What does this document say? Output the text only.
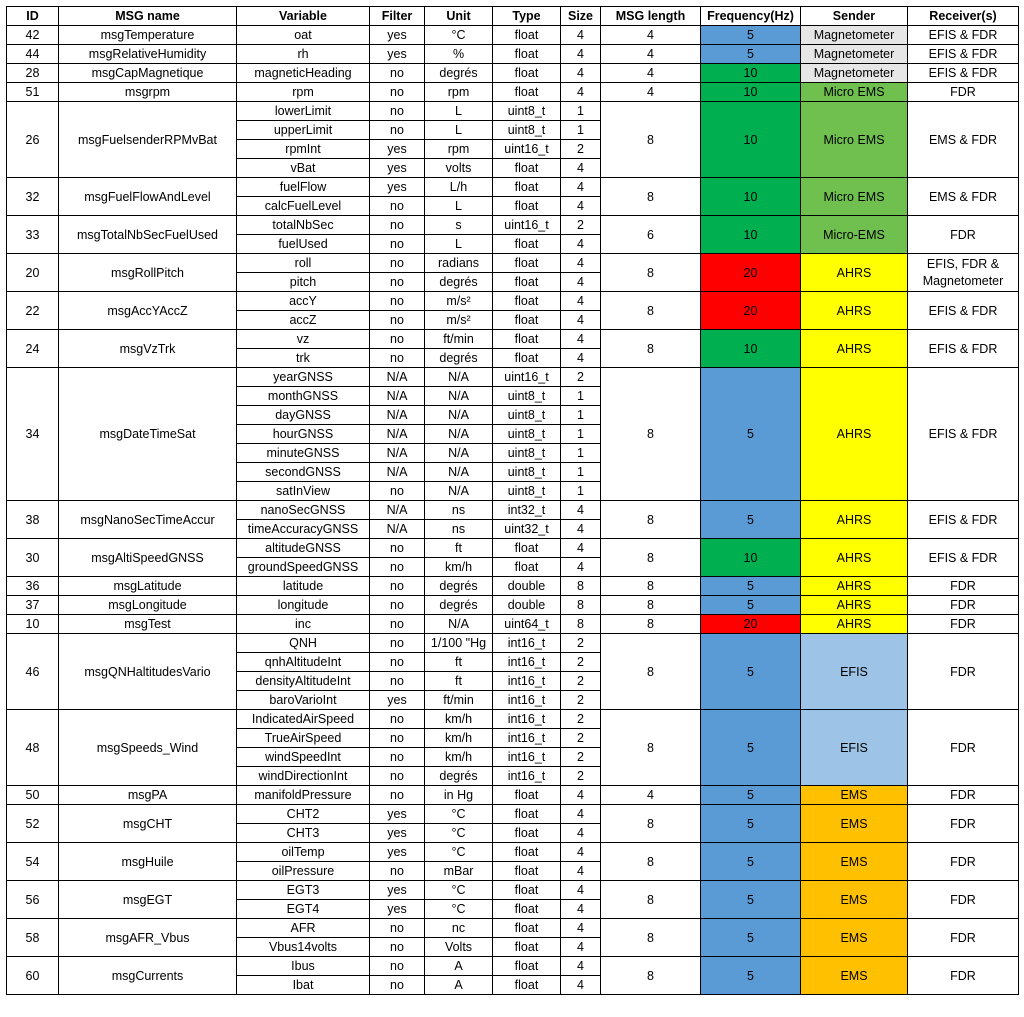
ID	MSG name	Variable	Filter	Unit	Type	Size	MSG length	Frequency(Hz)	Sender	Receiver(s)
42	msgTemperature	oat	yes	°C	float	4	4	5	Magnetometer	EFIS & FDR
44	msgRelativeHumidity	rh	yes	%	float	4	4	5	Magnetometer	EFIS & FDR
28	msgCapMagnetique	magneticHeading	no	degrés	float	4	4	10	Magnetometer	EFIS & FDR
51	msgrpm	rpm	no	rpm	float	4	4	10	Micro EMS	FDR
26	msgFuelsenderRPMvBat	lowerLimit	no	L	uint8_t	1	8	10	Micro EMS	EMS & FDR
		upperLimit	no	L	uint8_t	1				
		rpmInt	yes	rpm	uint16_t	2				
		vBat	yes	volts	float	4				
32	msgFuelFlowAndLevel	fuelFlow	yes	L/h	float	4	8	10	Micro EMS	EMS & FDR
		calcFuelLevel	no	L	float	4				
33	msgTotalNbSecFuelUsed	totalNbSec	no	s	uint16_t	2	6	10	Micro-EMS	FDR
		fuelUsed	no	L	float	4				
20	msgRollPitch	roll	no	radians	float	4	8	20	AHRS	EFIS, FDR & Magnetometer
		pitch	no	degrés	float	4				
22	msgAccYAccZ	accY	no	m/s²	float	4	8	20	AHRS	EFIS & FDR
		accZ	no	m/s²	float	4				
24	msgVzTrk	vz	no	ft/min	float	4	8	10	AHRS	EFIS & FDR
		trk	no	degrés	float	4				
34	msgDateTimeSat	yearGNSS	N/A	N/A	uint16_t	2	8	5	AHRS	EFIS & FDR
		monthGNSS	N/A	N/A	uint8_t	1				
		dayGNSS	N/A	N/A	uint8_t	1				
		hourGNSS	N/A	N/A	uint8_t	1				
		minuteGNSS	N/A	N/A	uint8_t	1				
		secondGNSS	N/A	N/A	uint8_t	1				
		satInView	no	N/A	uint8_t	1				
38	msgNanoSecTimeAccur	nanoSecGNSS	N/A	ns	int32_t	4	8	5	AHRS	EFIS & FDR
		timeAccuracyGNSS	N/A	ns	uint32_t	4				
30	msgAltiSpeedGNSS	altitudeGNSS	no	ft	float	4	8	10	AHRS	EFIS & FDR
		groundSpeedGNSS	no	km/h	float	4				
36	msgLatitude	latitude	no	degrés	double	8	8	5	AHRS	FDR
37	msgLongitude	longitude	no	degrés	double	8	8	5	AHRS	FDR
10	msgTest	inc	no	N/A	uint64_t	8	8	20	AHRS	FDR
46	msgQNHaltitudesVario	QNH	no	1/100 "Hg	int16_t	2	8	5	EFIS	FDR
		qnhAltitudeInt	no	ft	int16_t	2				
		densityAltitudeInt	no	ft	int16_t	2				
		baroVarioInt	yes	ft/min	int16_t	2				
48	msgSpeeds_Wind	IndicatedAirSpeed	no	km/h	int16_t	2	8	5	EFIS	FDR
		TrueAirSpeed	no	km/h	int16_t	2				
		windSpeedInt	no	km/h	int16_t	2				
		windDirectionInt	no	degrés	int16_t	2				
50	msgPA	manifoldPressure	no	in Hg	float	4	4	5	EMS	FDR
52	msgCHT	CHT2	yes	°C	float	4	8	5	EMS	FDR
		CHT3	yes	°C	float	4				
54	msgHuile	oilTemp	yes	°C	float	4	8	5	EMS	FDR
		oilPressure	no	mBar	float	4				
56	msgEGT	EGT3	yes	°C	float	4	8	5	EMS	FDR
		EGT4	yes	°C	float	4				
58	msgAFR_Vbus	AFR	no	nc	float	4	8	5	EMS	FDR
		Vbus14volts	no	Volts	float	4				
60	msgCurrents	Ibus	no	A	float	4	8	5	EMS	FDR
		Ibat	no	A	float	4				
